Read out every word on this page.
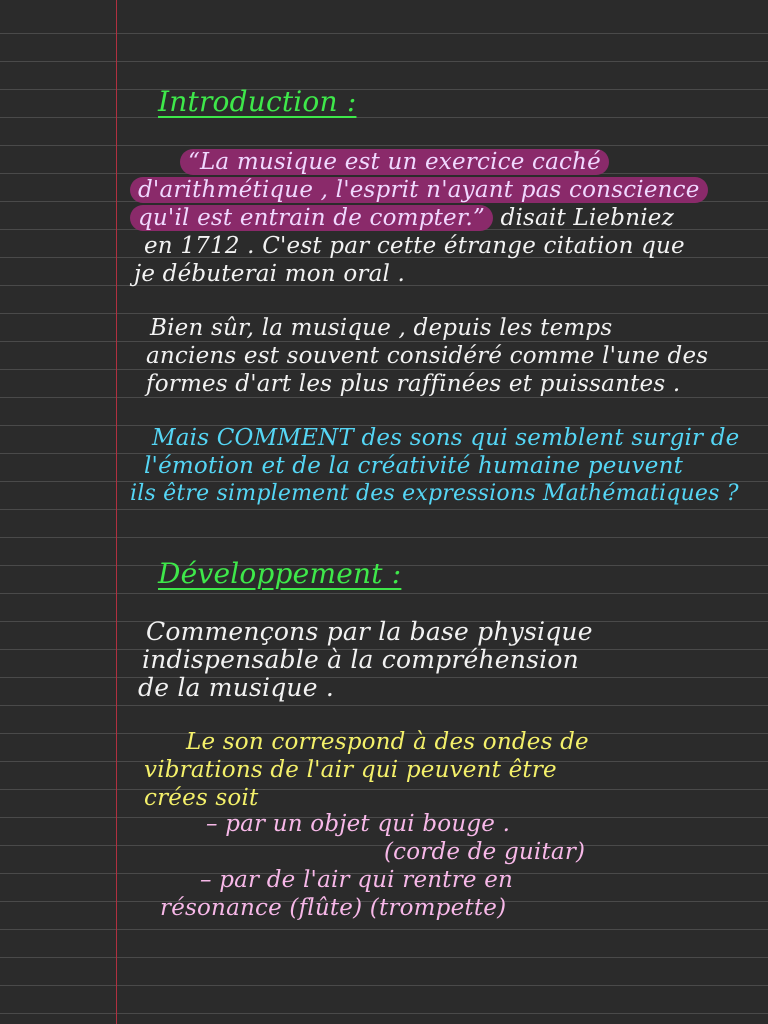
Introduction :
“La musique est un exercice caché
d'arithmétique , l'esprit n'ayant pas conscience
qu'il est entrain de compter.” disait Liebniez
en 1712 . C'est par cette étrange citation que
je débuterai mon oral .
Bien sûr, la musique , depuis les temps
anciens est souvent considéré comme l'une des
formes d'art les plus raffinées et puissantes .
Mais COMMENT des sons qui semblent surgir de
l'émotion et de la créativité humaine peuvent
ils être simplement des expressions Mathématiques ?
Développement :
Commençons par la base physique
indispensable à la compréhension
de la musique .
Le son correspond à des ondes de
vibrations de l'air qui peuvent être
crées soit
– par un objet qui bouge .
(corde de guitar)
– par de l'air qui rentre en
résonance (flûte) (trompette)
